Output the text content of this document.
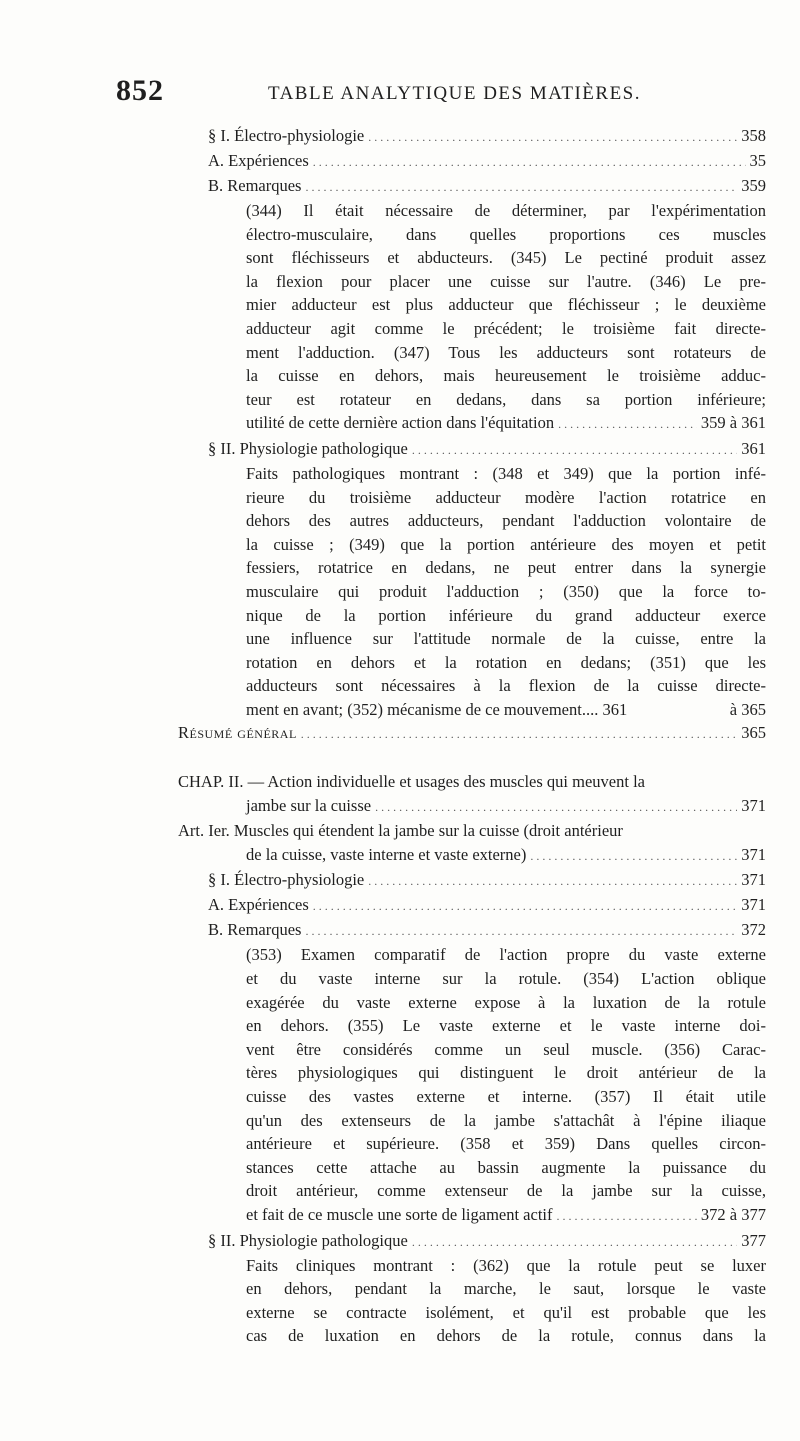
852	TABLE ANALYTIQUE DES MATIÈRES.
§ I. Électro-physiologie . . .	358
A. Expériences . . .	35
B. Remarques . . .	359
(344) Il était nécessaire de déterminer, par l'expérimentation
électro-musculaire, dans quelles proportions ces muscles
sont fléchisseurs et abducteurs. (345) Le pectiné produit assez
la flexion pour placer une cuisse sur l'autre. (346) Le pre-
mier adducteur est plus adducteur que fléchisseur ; le deuxième
adducteur agit comme le précédent; le troisième fait directe-
ment l'adduction. (347) Tous les adducteurs sont rotateurs de
la cuisse en dehors, mais heureusement le troisième adduc-
teur est rotateur en dedans, dans sa portion inférieure;
utilité de cette dernière action dans l'équitation . . .	359 à 361
§ II. Physiologie pathologique . . .	361
Faits pathologiques montrant : (348 et 349) que la portion infé-
rieure du troisième adducteur modère l'action rotatrice en
dehors des autres adducteurs, pendant l'adduction volontaire de
la cuisse ; (349) que la portion antérieure des moyen et petit
fessiers, rotatrice en dedans, ne peut entrer dans la synergie
musculaire qui produit l'adduction ; (350) que la force to-
nique de la portion inférieure du grand adducteur exerce
une influence sur l'attitude normale de la cuisse, entre la
rotation en dehors et la rotation en dedans; (351) que les
adducteurs sont nécessaires à la flexion de la cuisse directe-
ment en avant; (352) mécanisme de ce mouvement.... 361	à 365
Résumé général . . .	365
CHAP. II. — Action individuelle et usages des muscles qui meuvent la
jambe sur la cuisse . . .	371
Art. Ier. Muscles qui étendent la jambe sur la cuisse (droit antérieur
de la cuisse, vaste interne et vaste externe) . . .	371
§ I. Électro-physiologie . . .	371
A. Expériences . . .	371
B. Remarques . . .	372
(353) Examen comparatif de l'action propre du vaste externe
et du vaste interne sur la rotule. (354) L'action oblique
exagérée du vaste externe expose à la luxation de la rotule
en dehors. (355) Le vaste externe et le vaste interne doi-
vent être considérés comme un seul muscle. (356) Carac-
tères physiologiques qui distinguent le droit antérieur de la
cuisse des vastes externe et interne. (357) Il était utile
qu'un des extenseurs de la jambe s'attachât à l'épine iliaque
antérieure et supérieure. (358 et 359) Dans quelles circon-
stances cette attache au bassin augmente la puissance du
droit antérieur, comme extenseur de la jambe sur la cuisse,
et fait de ce muscle une sorte de ligament actif . . .	372 à 377
§ II. Physiologie pathologique . . .	377
Faits cliniques montrant : (362) que la rotule peut se luxer
en dehors, pendant la marche, le saut, lorsque le vaste
externe se contracte isolément, et qu'il est probable que les
cas de luxation en dehors de la rotule, connus dans la
